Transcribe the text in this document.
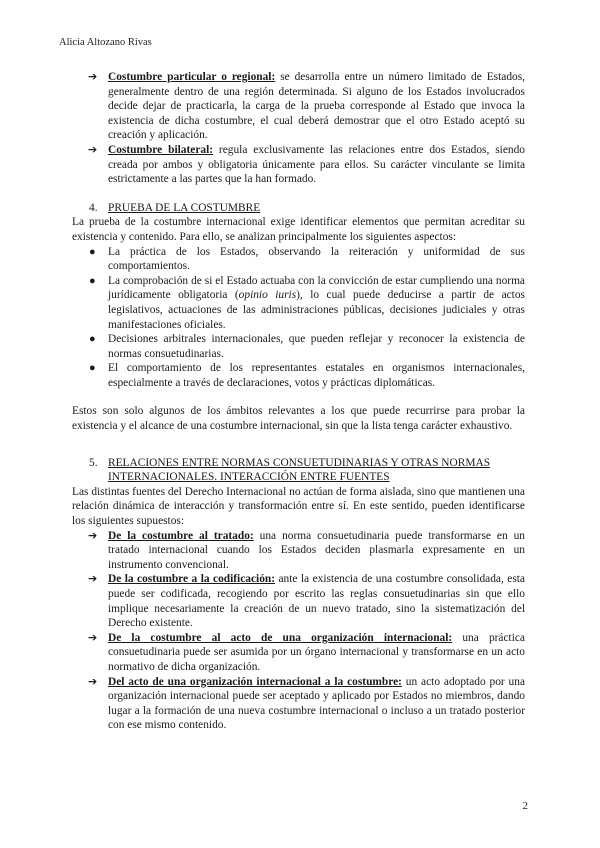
Alicia Altozano Rivas
➔ Costumbre particular o regional: se desarrolla entre un número limitado de Estados, generalmente dentro de una región determinada. Si alguno de los Estados involucrados decide dejar de practicarla, la carga de la prueba corresponde al Estado que invoca la existencia de dicha costumbre, el cual deberá demostrar que el otro Estado aceptó su creación y aplicación.
➔ Costumbre bilateral: regula exclusivamente las relaciones entre dos Estados, siendo creada por ambos y obligatoria únicamente para ellos. Su carácter vinculante se limita estrictamente a las partes que la han formado.
4. PRUEBA DE LA COSTUMBRE
La prueba de la costumbre internacional exige identificar elementos que permitan acreditar su existencia y contenido. Para ello, se analizan principalmente los siguientes aspectos:
● La práctica de los Estados, observando la reiteración y uniformidad de sus comportamientos.
● La comprobación de si el Estado actuaba con la convicción de estar cumpliendo una norma jurídicamente obligatoria (opinio iuris), lo cual puede deducirse a partir de actos legislativos, actuaciones de las administraciones públicas, decisiones judiciales y otras manifestaciones oficiales.
● Decisiones arbitrales internacionales, que pueden reflejar y reconocer la existencia de normas consuetudinarias.
● El comportamiento de los representantes estatales en organismos internacionales, especialmente a través de declaraciones, votos y prácticas diplomáticas.
Estos son solo algunos de los ámbitos relevantes a los que puede recurrirse para probar la existencia y el alcance de una costumbre internacional, sin que la lista tenga carácter exhaustivo.
5. RELACIONES ENTRE NORMAS CONSUETUDINARIAS Y OTRAS NORMAS INTERNACIONALES. INTERACCIÓN ENTRE FUENTES
Las distintas fuentes del Derecho Internacional no actúan de forma aislada, sino que mantienen una relación dinámica de interacción y transformación entre sí. En este sentido, pueden identificarse los siguientes supuestos:
➔ De la costumbre al tratado: una norma consuetudinaria puede transformarse en un tratado internacional cuando los Estados deciden plasmarla expresamente en un instrumento convencional.
➔ De la costumbre a la codificación: ante la existencia de una costumbre consolidada, esta puede ser codificada, recogiendo por escrito las reglas consuetudinarias sin que ello implique necesariamente la creación de un nuevo tratado, sino la sistematización del Derecho existente.
➔ De la costumbre al acto de una organización internacional: una práctica consuetudinaria puede ser asumida por un órgano internacional y transformarse en un acto normativo de dicha organización.
➔ Del acto de una organización internacional a la costumbre: un acto adoptado por una organización internacional puede ser aceptado y aplicado por Estados no miembros, dando lugar a la formación de una nueva costumbre internacional o incluso a un tratado posterior con ese mismo contenido.
2
